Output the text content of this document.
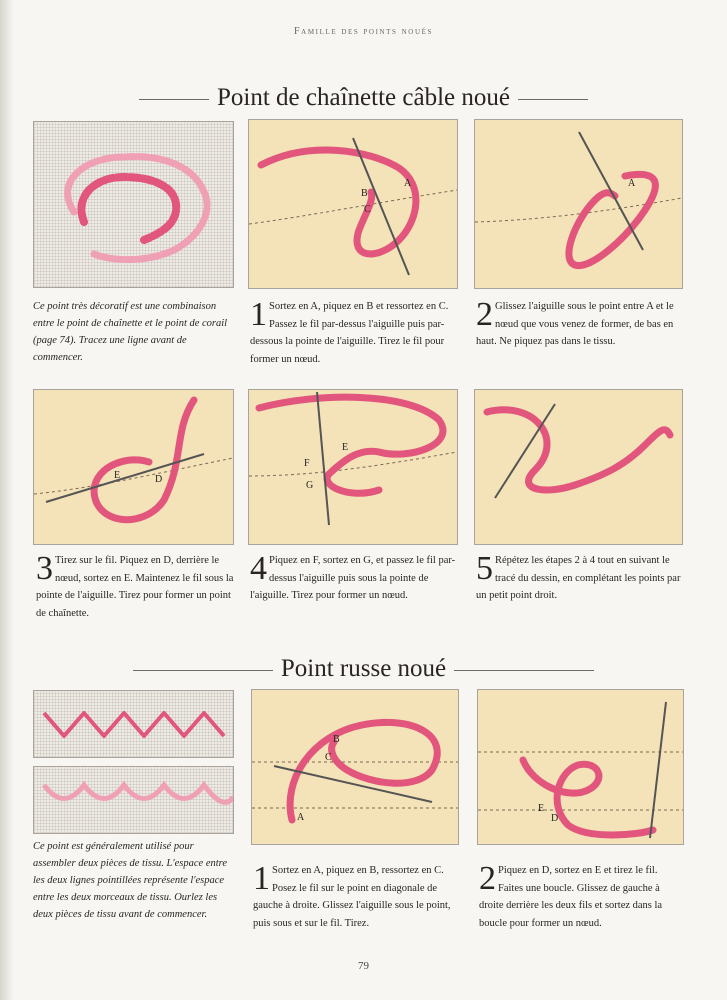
Famille des points noués
Point de chaînette câble noué
B
C
A	A
Ce point très décoratif est une combinaison entre le point de chaînette et le point de corail (page 74). Tracez une ligne avant de commencer.
1 Sortez en A, piquez en B et ressortez en C. Passez le fil par-dessus l'aiguille puis par-dessous la pointe de l'aiguille. Tirez le fil pour former un nœud.
2 Glissez l'aiguille sous le point entre A et le nœud que vous venez de former, de bas en haut. Ne piquez pas dans le tissu.
E	D
E
F
G
3 Tirez sur le fil. Piquez en D, derrière le nœud, sortez en E. Maintenez le fil sous la pointe de l'aiguille. Tirez pour former un point de chaînette.
4 Piquez en F, sortez en G, et passez le fil par-dessus l'aiguille puis sous la pointe de l'aiguille. Tirez pour former un nœud.
5 Répétez les étapes 2 à 4 tout en suivant le tracé du dessin, en complétant les points par un petit point droit.
Point russe noué
B
C
A
E
D
Ce point est généralement utilisé pour assembler deux pièces de tissu. L'espace entre les deux lignes pointillées représente l'espace entre les deux morceaux de tissu. Ourlez les deux pièces de tissu avant de commencer.
1 Sortez en A, piquez en B, ressortez en C. Posez le fil sur le point en diagonale de gauche à droite. Glissez l'aiguille sous le point, puis sous et sur le fil. Tirez.
2 Piquez en D, sortez en E et tirez le fil. Faites une boucle. Glissez de gauche à droite derrière les deux fils et sortez dans la boucle pour former un nœud.
79
